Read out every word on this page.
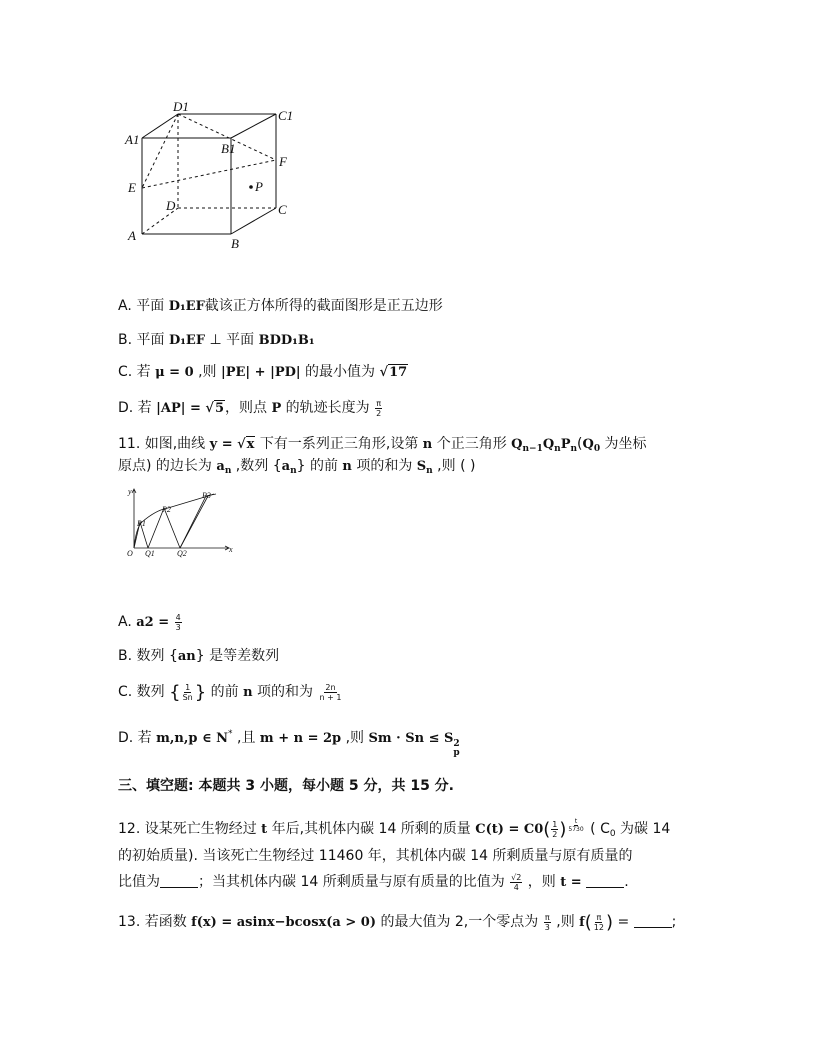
D1
C1
A1
B1
F
E	P
D	C
A
B
A. 平面 D₁EF截该正方体所得的截面图形是正五边形
B. 平面 D₁EF ⊥ 平面 BDD₁B₁
C. 若 μ = 0 ,则 |PE| + |PD| 的最小值为 √17
D. 若 |AP| = √5，则点 P 的轨迹长度为 $\frac{\pi}{2}$
11. 如图,曲线 y = √x 下有一系列正三角形,设第 n 个正三角形 $Q_{n-1}Q_nP_n(Q_0$ 为坐标
原点) 的边长为 $a_n$ ,数列 $\{a_n\}$ 的前 n 项的和为 $S_n$ ,则 ( )
y
P1
P2
P3
O Q1	Q2	x
A. $a2 = \frac{4}{3}$
B. 数列 {an} 是等差数列
C. 数列 { $\frac{1}{Sn}$ } 的前 n 项的和为 $\frac{2n}{n + 1}$
D. 若 m,n,p ∈ N* ,且 m + n = 2p ,则 Sm · Sn ≤ S 2
p
三、填空题: 本题共 3 小题，每小题 5 分，共 15 分.
12. 设某死亡生物经过 t 年后,其机体内碳 14 所剩的质量 $C(t) = C0( \frac{1}{2}$ ) $\frac{t}{5730}$ ( $C_0$ 为碳 14
的初始质量). 当该死亡生物经过 11460 年，其机体内碳 14 所剩质量与原有质量的
比值为	；当其机体内碳 14 所剩质量与原有质量的比值为 $\frac{√2}{4}$ ，则 t =	.
13. 若函数 f(x) = asinx−bcosx(a > 0) 的最大值为 2,一个零点为 $\frac{\pi}{3}$ ,则 $f( \frac{\pi}{12}$ ) =	;
